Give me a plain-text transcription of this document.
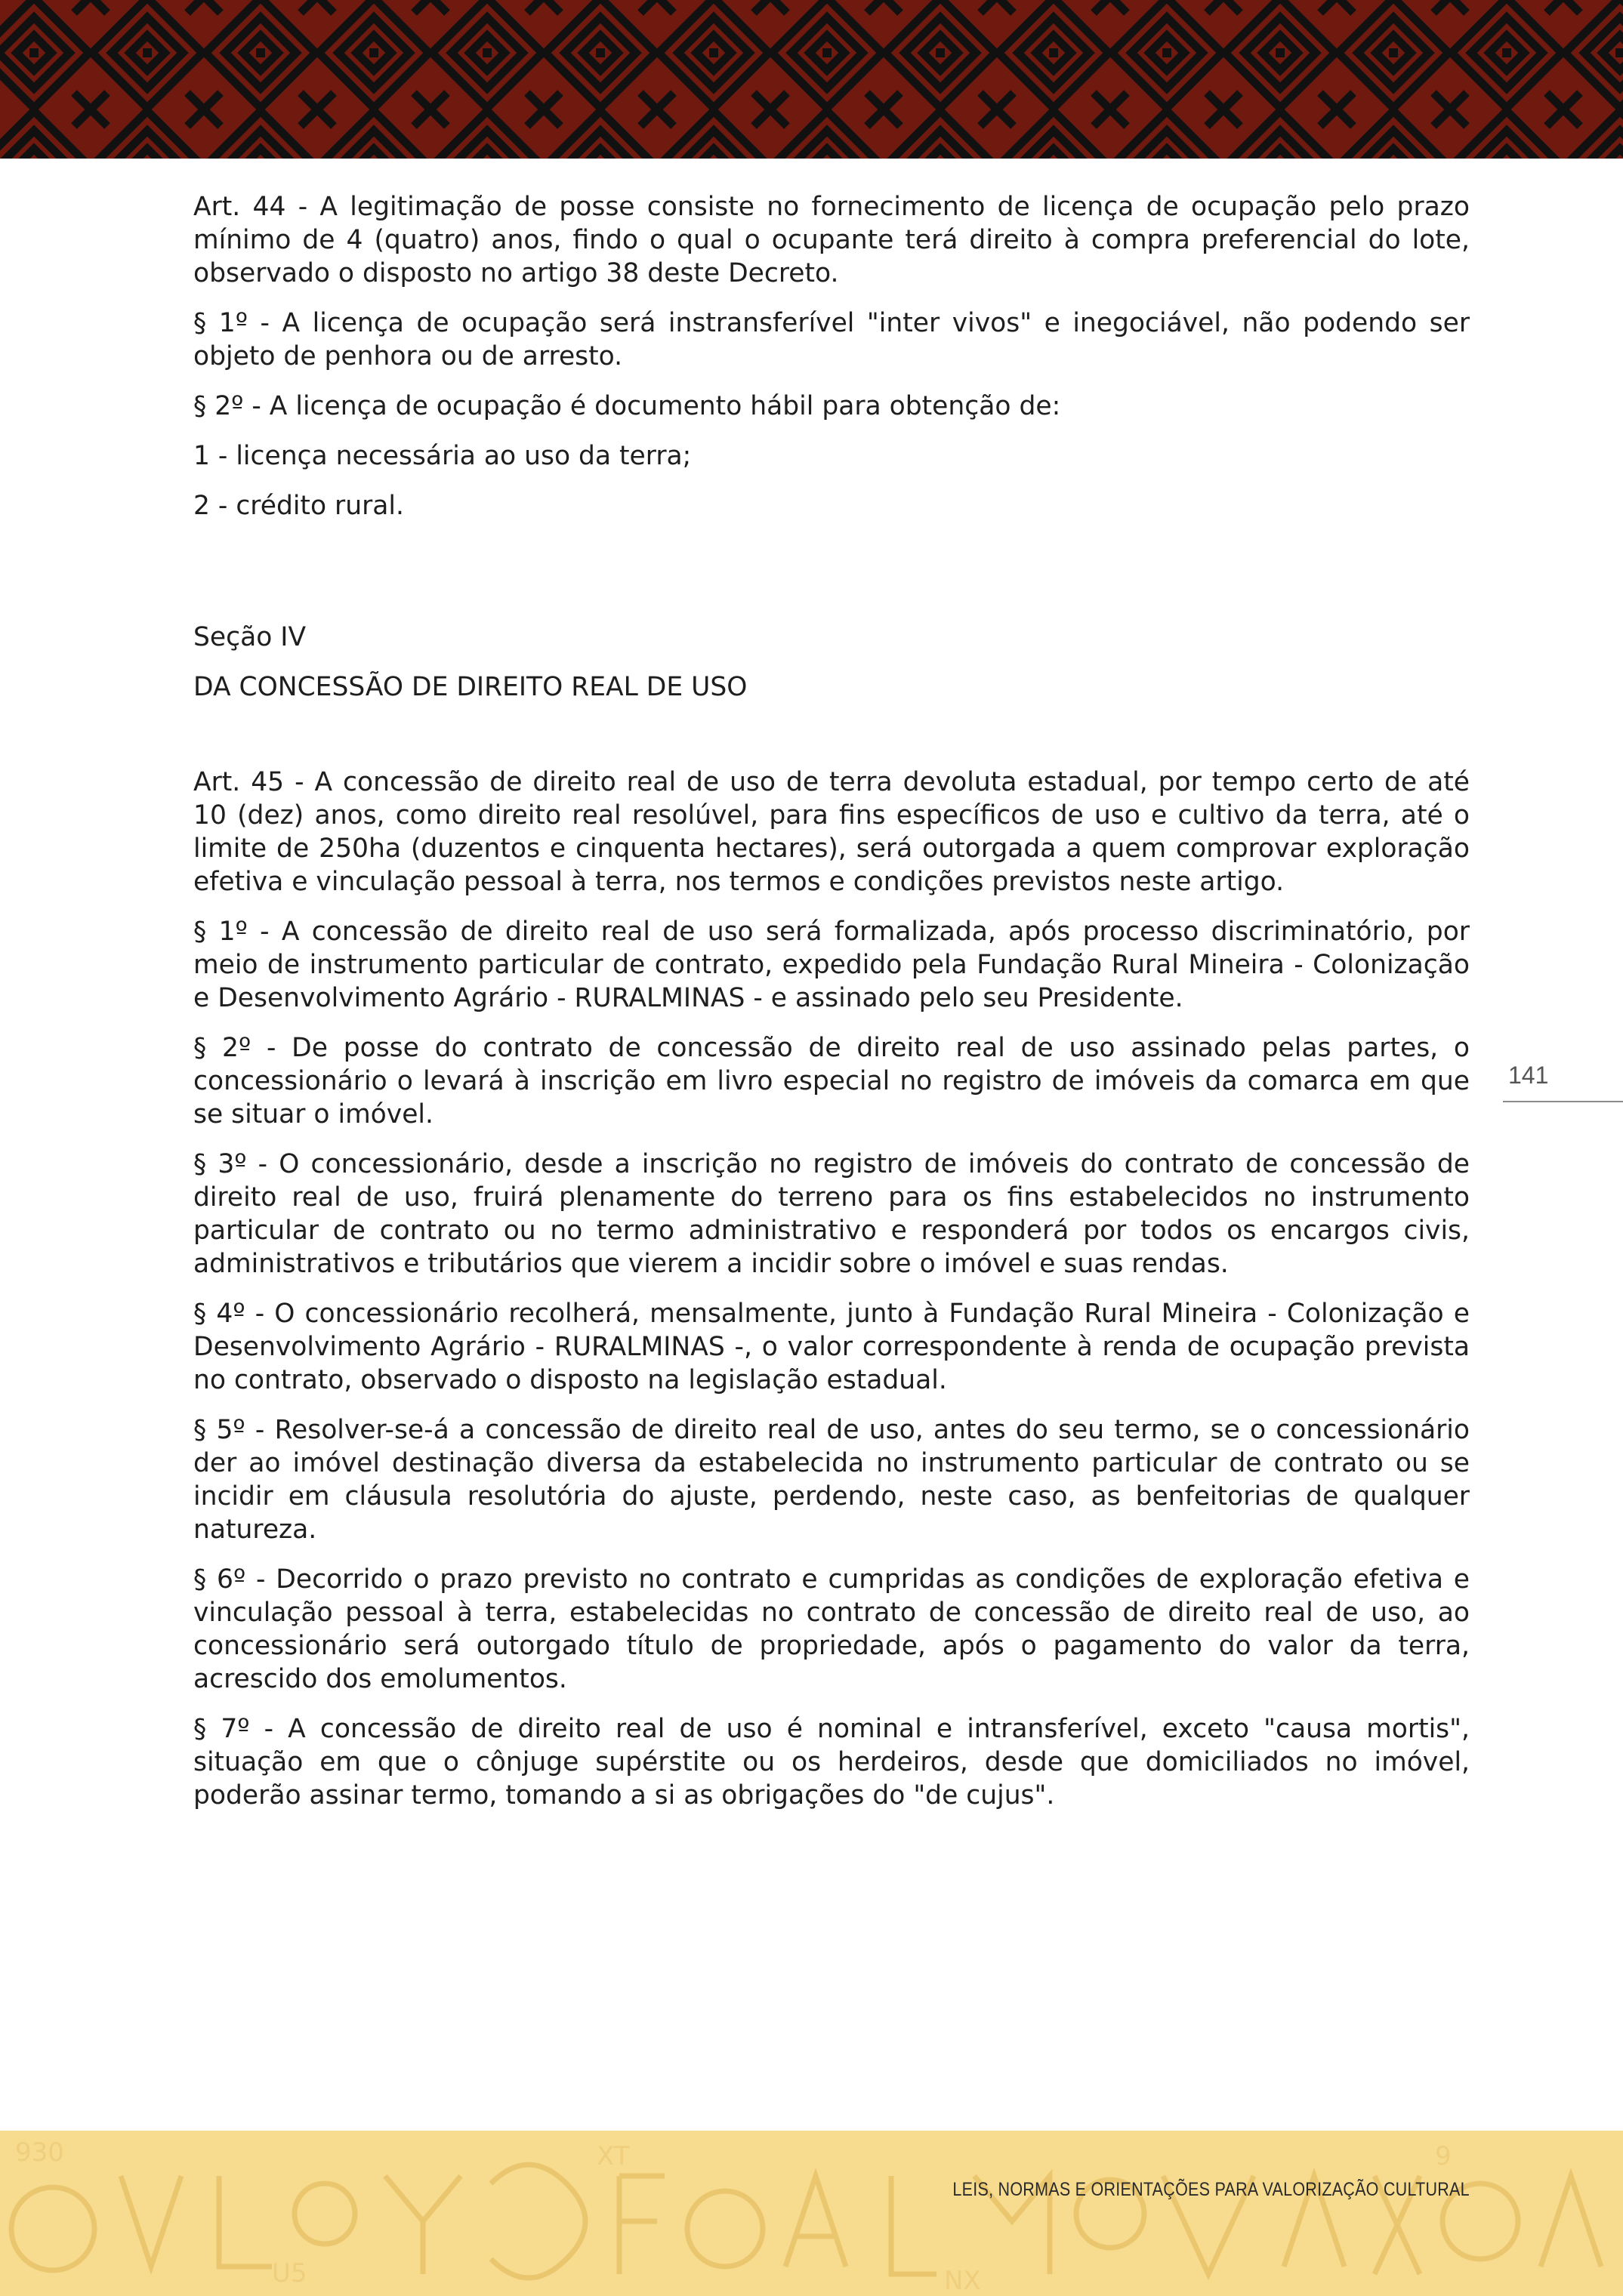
Art. 44 - A legitimação de posse consiste no fornecimento de licença de ocupação pelo prazo mínimo de 4 (quatro) anos, findo o qual o ocupante terá direito à compra preferencial do lote, observado o disposto no artigo 38 deste Decreto.

§ 1º - A licença de ocupação será instransferível "inter vivos" e inegociável, não podendo ser objeto de penhora ou de arresto.

§ 2º - A licença de ocupação é documento hábil para obtenção de:

1 - licença necessária ao uso da terra;

2 - crédito rural.

Seção IV

DA CONCESSÃO DE DIREITO REAL DE USO

Art. 45 - A concessão de direito real de uso de terra devoluta estadual, por tempo certo de até 10 (dez) anos, como direito real resolúvel, para fins específicos de uso e cultivo da terra, até o limite de 250ha (duzentos e cinquenta hectares), será outorgada a quem comprovar exploração efetiva e vinculação pessoal à terra, nos termos e condições previstos neste artigo.

§ 1º - A concessão de direito real de uso será formalizada, após processo discriminatório, por meio de instrumento particular de contrato, expedido pela Fundação Rural Mineira - Colonização e Desenvolvimento Agrário - RURALMINAS - e assinado pelo seu Presidente.

§ 2º - De posse do contrato de concessão de direito real de uso assinado pelas partes, o concessionário o levará à inscrição em livro especial no registro de imóveis da comarca em que se situar o imóvel.

§ 3º - O concessionário, desde a inscrição no registro de imóveis do contrato de concessão de direito real de uso, fruirá plenamente do terreno para os fins estabelecidos no instrumento particular de contrato ou no termo administrativo e responderá por todos os encargos civis, administrativos e tributários que vierem a incidir sobre o imóvel e suas rendas.

§ 4º - O concessionário recolherá, mensalmente, junto à Fundação Rural Mineira - Colonização e Desenvolvimento Agrário - RURALMINAS -, o valor correspondente à renda de ocupação prevista no contrato, observado o disposto na legislação estadual.

§ 5º - Resolver-se-á a concessão de direito real de uso, antes do seu termo, se o concessionário der ao imóvel destinação diversa da estabelecida no instrumento particular de contrato ou se incidir em cláusula resolutória do ajuste, perdendo, neste caso, as benfeitorias de qualquer natureza.

§ 6º - Decorrido o prazo previsto no contrato e cumpridas as condições de exploração efetiva e vinculação pessoal à terra, estabelecidas no contrato de concessão de direito real de uso, ao concessionário será outorgado título de propriedade, após o pagamento do valor da terra, acrescido dos emolumentos.

§ 7º - A concessão de direito real de uso é nominal e intransferível, exceto "causa mortis", situação em que o cônjuge supérstite ou os herdeiros, desde que domiciliados no imóvel, poderão assinar termo, tomando a si as obrigações do "de cujus".

141
930
U5
XT
NX
9
LEIS, NORMAS E ORIENTAÇÕES PARA VALORIZAÇÃO CULTURAL
